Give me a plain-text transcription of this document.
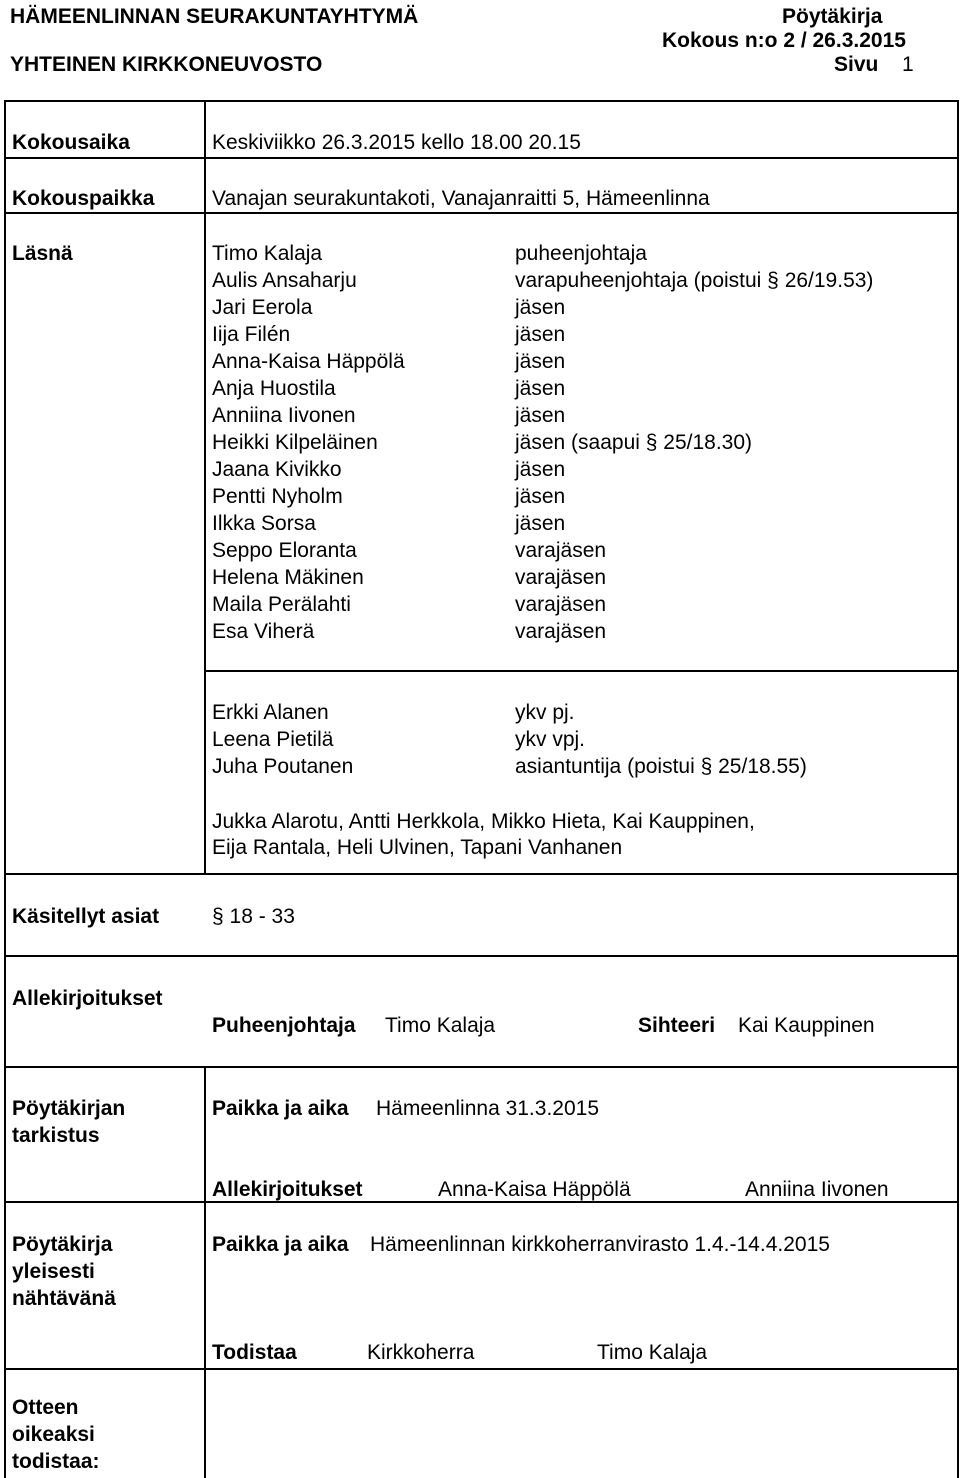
HÄMEENLINNAN SEURAKUNTAYHTYMÄ
YHTEINEN KIRKKONEUVOSTO
Pöytäkirja
Kokous n:o 2 / 26.3.2015
Sivu 1
Kokousaika	Keskiviikko 26.3.2015 kello 18.00 20.15
Kokouspaikka	Vanajan seurakuntakoti, Vanajanraitti 5, Hämeenlinna
Läsnä	Timo Kalaja	puheenjohtaja
Aulis Ansaharju	varapuheenjohtaja (poistui § 26/19.53)
Jari Eerola	jäsen
Iija Filén	jäsen
Anna-Kaisa Häppölä	jäsen
Anja Huostila	jäsen
Anniina Iivonen	jäsen
Heikki Kilpeläinen	jäsen (saapui § 25/18.30)
Jaana Kivikko	jäsen
Pentti Nyholm	jäsen
Ilkka Sorsa	jäsen
Seppo Eloranta	varajäsen
Helena Mäkinen	varajäsen
Maila Perälahti	varajäsen
Esa Viherä	varajäsen
Erkki Alanen	ykv pj.
Leena Pietilä	ykv vpj.
Juha Poutanen	asiantuntija (poistui § 25/18.55)
Jukka Alarotu, Antti Herkkola, Mikko Hieta, Kai Kauppinen,
Eija Rantala, Heli Ulvinen, Tapani Vanhanen
Käsitellyt asiat	§ 18 - 33
Allekirjoitukset
Puheenjohtaja Timo Kalaja	Sihteeri Kai Kauppinen
Pöytäkirjan
tarkistus
Paikka ja aika Hämeenlinna 31.3.2015
Allekirjoitukset	Anna-Kaisa Häppölä	Anniina Iivonen
Pöytäkirja
yleisesti
nähtävänä
Paikka ja aika Hämeenlinnan kirkkoherranvirasto 1.4.-14.4.2015
Todistaa	Kirkkoherra	Timo Kalaja
Otteen
oikeaksi
todistaa:
